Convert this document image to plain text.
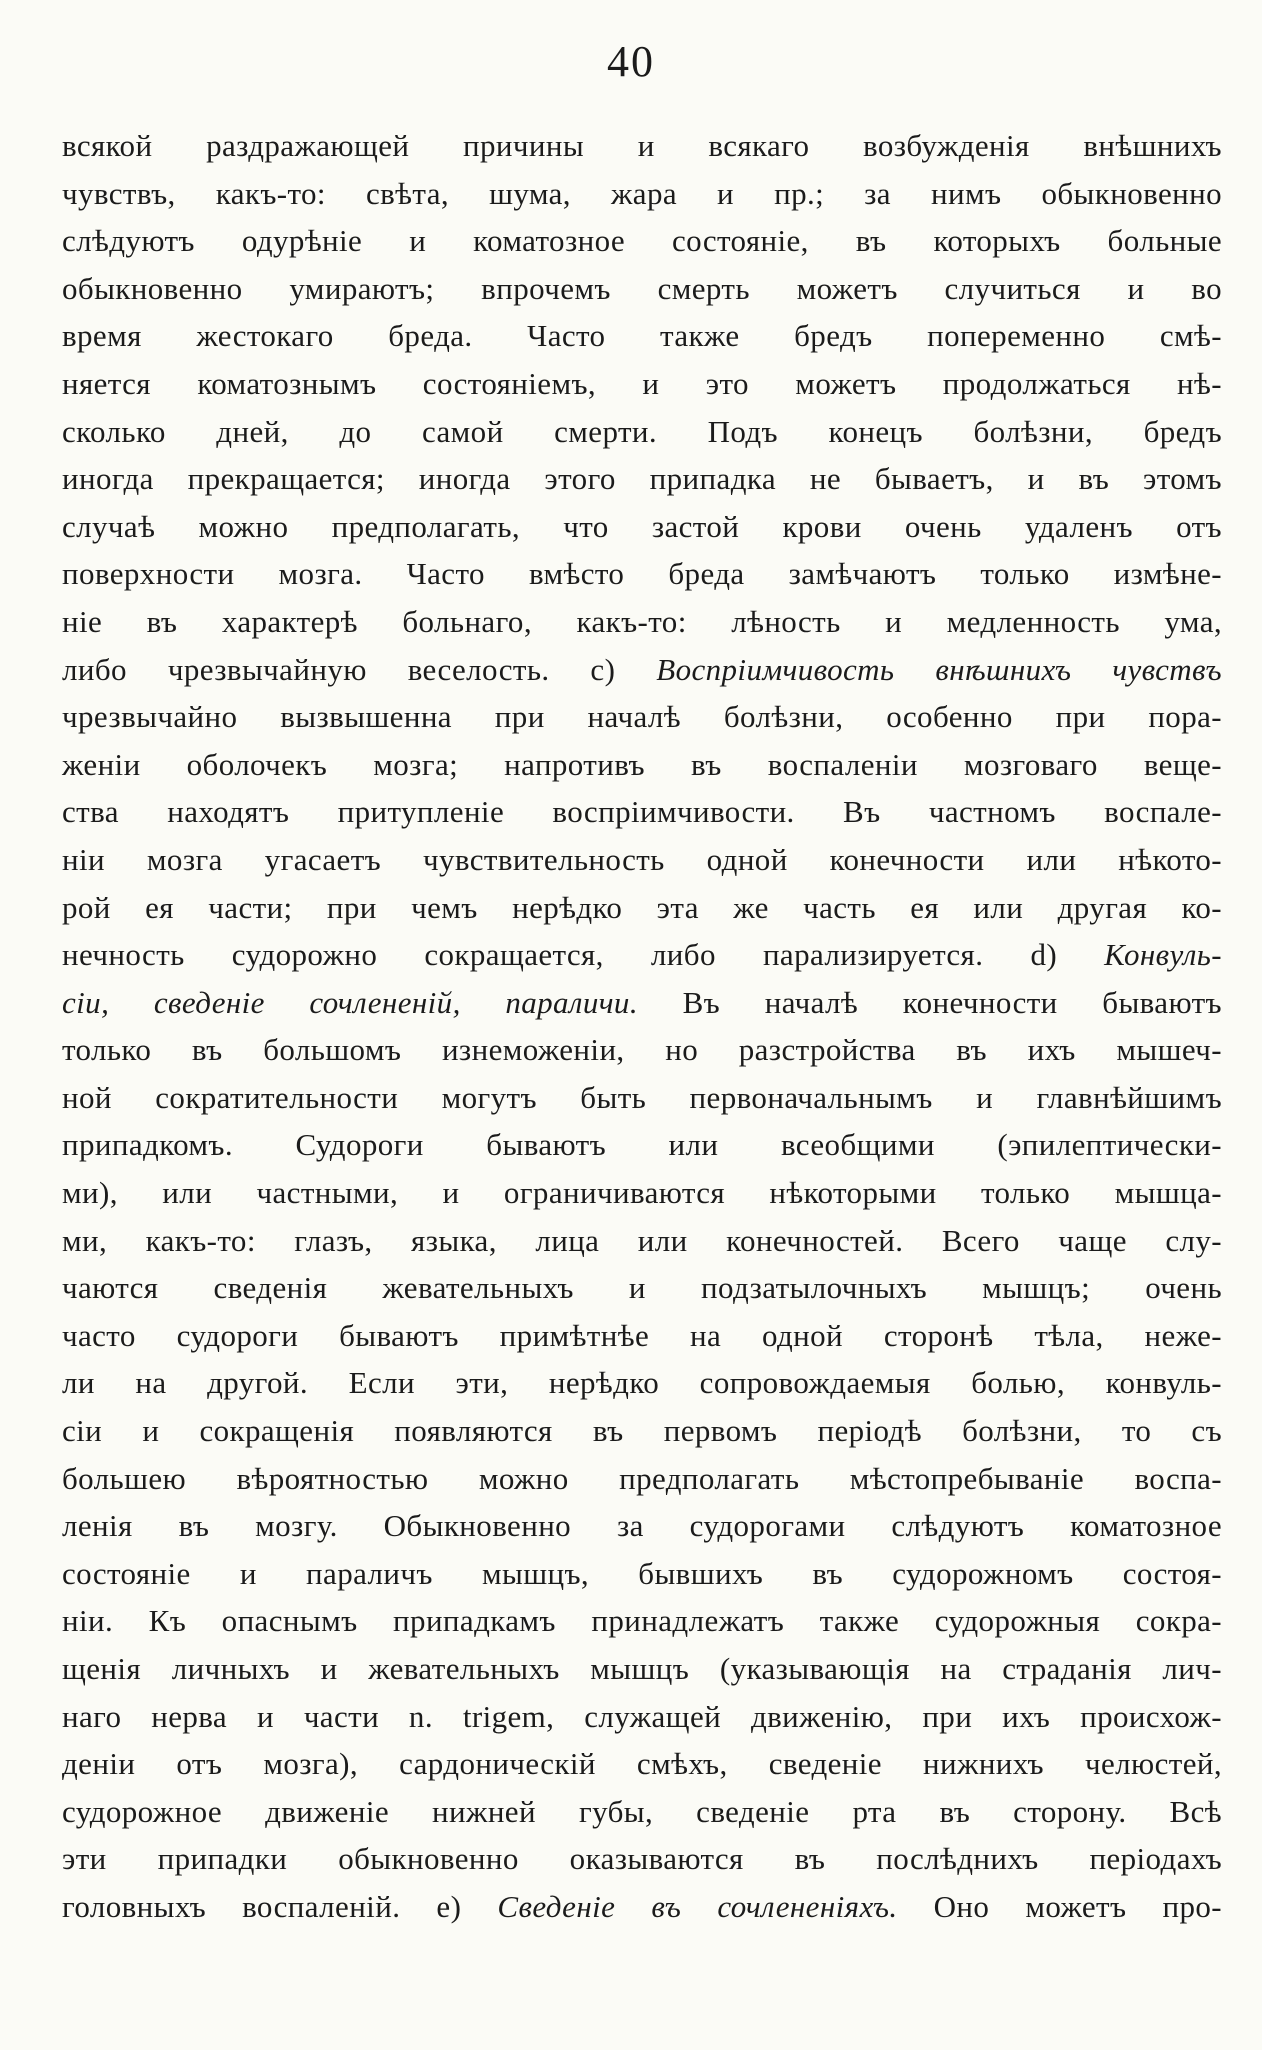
40
всякой раздражающей причины и всякаго возбужденія внѣшнихъ
чувствъ, какъ-то: свѣта, шума, жара и пр.; за нимъ обыкновенно
слѣдуютъ одурѣніе и коматозное состояніе, въ которыхъ больные
обыкновенно умираютъ; впрочемъ смерть можетъ случиться и во
время жестокаго бреда. Часто также бредъ попеременно смѣ-
няется коматознымъ состояніемъ, и это можетъ продолжаться нѣ-
сколько дней, до самой смерти. Подъ конецъ болѣзни, бредъ
иногда прекращается; иногда этого припадка не бываетъ, и въ этомъ
случаѣ можно предполагать, что застой крови очень удаленъ отъ
поверхности мозга. Часто вмѣсто бреда замѣчаютъ только измѣне-
ніе въ характерѣ больнаго, какъ-то: лѣность и медленность ума,
либо чрезвычайную веселость. c) Воспріимчивость внѣшнихъ чувствъ
чрезвычайно вызвышенна при началѣ болѣзни, особенно при пора-
женіи оболочекъ мозга; напротивъ въ воспаленіи мозговаго веще-
ства находятъ притупленіе воспріимчивости. Въ частномъ воспале-
ніи мозга угасаетъ чувствительность одной конечности или нѣкото-
рой ея части; при чемъ нерѣдко эта же часть ея или другая ко-
нечность судорожно сокращается, либо парализируется. d) Конвуль-
сіи, сведеніе сочлененій, параличи. Въ началѣ конечности бываютъ
только въ большомъ изнеможеніи, но разстройства въ ихъ мышеч-
ной сократительности могутъ быть первоначальнымъ и главнѣйшимъ
припадкомъ. Судороги бываютъ или всеобщими (эпилептически-
ми), или частными, и ограничиваются нѣкоторыми только мышца-
ми, какъ-то: глазъ, языка, лица или конечностей. Всего чаще слу-
чаются сведенія жевательныхъ и подзатылочныхъ мышцъ; очень
часто судороги бываютъ примѣтнѣе на одной сторонѣ тѣла, неже-
ли на другой. Если эти, нерѣдко сопровождаемыя болью, конвуль-
сіи и сокращенія появляются въ первомъ періодѣ болѣзни, то съ
большею вѣроятностью можно предполагать мѣстопребываніе воспа-
ленія въ мозгу. Обыкновенно за судорогами слѣдуютъ коматозное
состояніе и параличъ мышцъ, бывшихъ въ судорожномъ состоя-
ніи. Къ опаснымъ припадкамъ принадлежатъ также судорожныя сокра-
щенія личныхъ и жевательныхъ мышцъ (указывающія на страданія лич-
наго нерва и части n. trigem, служащей движенію, при ихъ происхож-
деніи отъ мозга), сардоническій смѣхъ, сведеніе нижнихъ челюстей,
судорожное движеніе нижней губы, сведеніе рта въ сторону. Всѣ
эти припадки обыкновенно оказываются въ послѣднихъ періодахъ
головныхъ воспаленій. e) Сведеніе въ сочлененіяхъ. Оно можетъ про-
